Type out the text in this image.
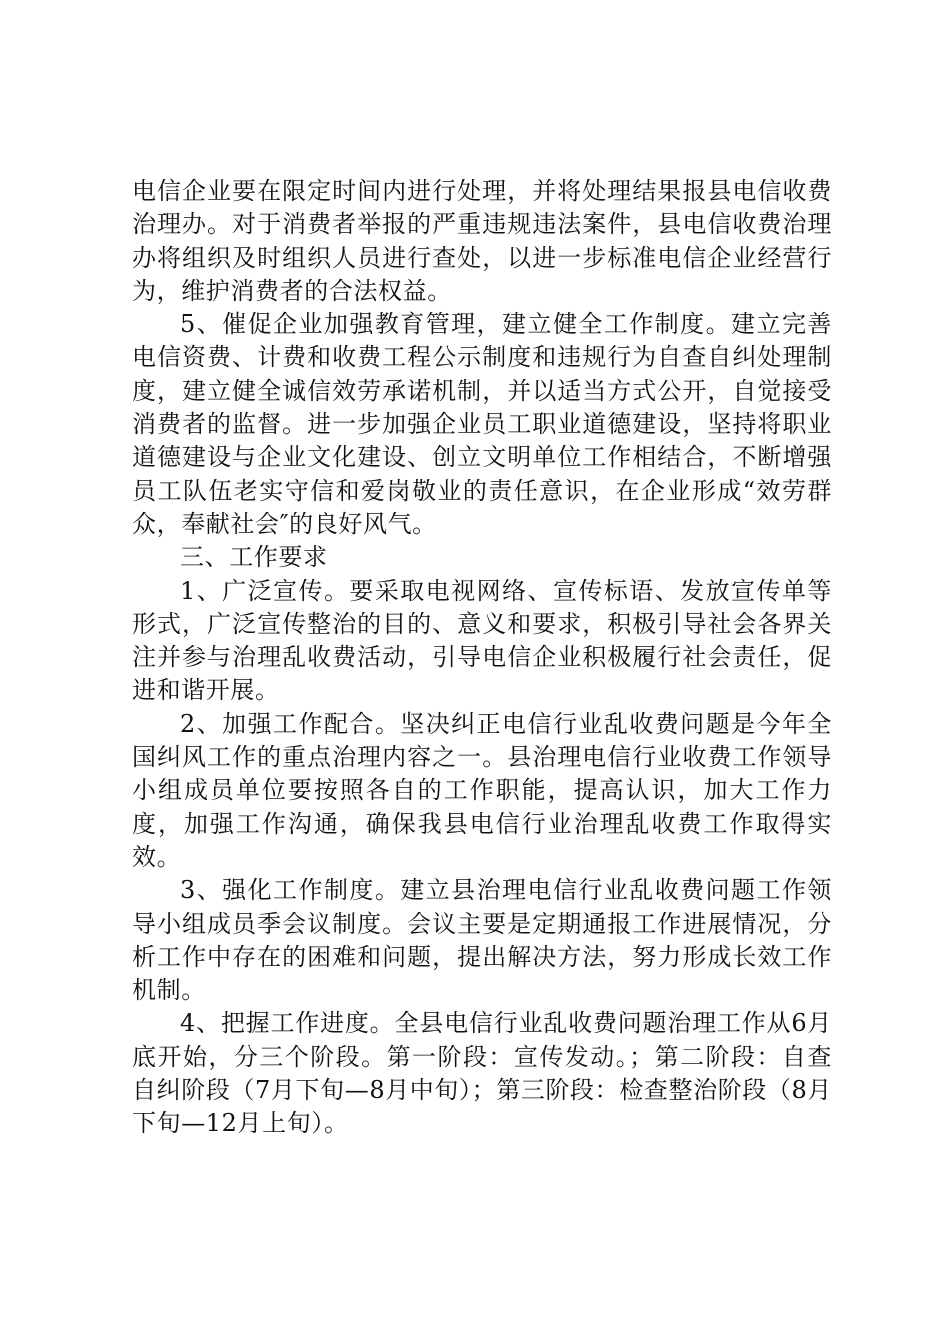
电信企业要在限定时间内进行处理，并将处理结果报县电信收费治理办。对于消费者举报的严重违规违法案件，县电信收费治理办将组织及时组织人员进行查处，以进一步标准电信企业经营行为，维护消费者的合法权益。

5、催促企业加强教育管理，建立健全工作制度。建立完善电信资费、计费和收费工程公示制度和违规行为自查自纠处理制度，建立健全诚信效劳承诺机制，并以适当方式公开，自觉接受消费者的监督。进一步加强企业员工职业道德建设，坚持将职业道德建设与企业文化建设、创立文明单位工作相结合，不断增强员工队伍老实守信和爱岗敬业的责任意识，在企业形成“效劳群众，奉献社会″的良好风气。

三、工作要求

1、广泛宣传。要采取电视网络、宣传标语、发放宣传单等形式，广泛宣传整治的目的、意义和要求，积极引导社会各界关注并参与治理乱收费活动，引导电信企业积极履行社会责任，促进和谐开展。

2、加强工作配合。坚决纠正电信行业乱收费问题是今年全国纠风工作的重点治理内容之一。县治理电信行业收费工作领导小组成员单位要按照各自的工作职能，提高认识，加大工作力度，加强工作沟通，确保我县电信行业治理乱收费工作取得实效。

3、强化工作制度。建立县治理电信行业乱收费问题工作领导小组成员季会议制度。会议主要是定期通报工作进展情况，分析工作中存在的困难和问题，提出解决方法，努力形成长效工作机制。

4、把握工作进度。全县电信行业乱收费问题治理工作从6月底开始，分三个阶段。第一阶段：宣传发动。；第二阶段：自查自纠阶段（7月下旬—8月中旬）；第三阶段：检查整治阶段（8月下旬—12月上旬）。
